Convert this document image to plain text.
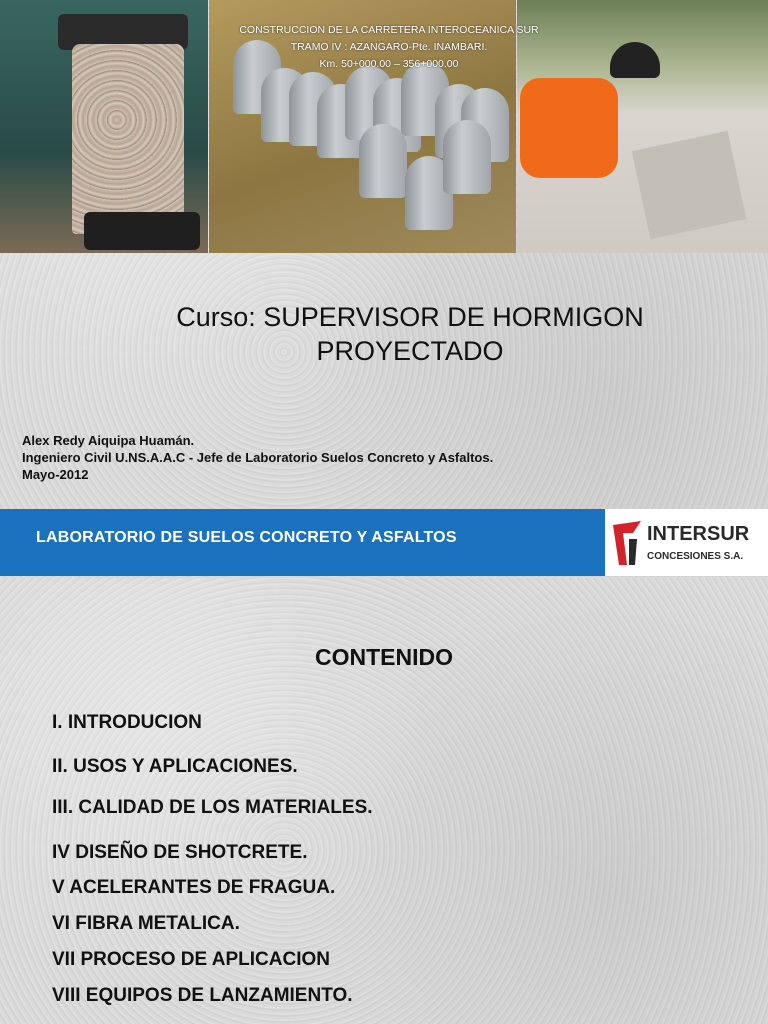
CONSTRUCCION DE LA CARRETERA INTEROCEANICA SUR
TRAMO IV : AZANGARO-Pte. INAMBARI.
Km. 50+000.00 – 356+000.00
Curso: SUPERVISOR DE HORMIGON
PROYECTADO
Alex Redy Aiquipa Huamán.
Ingeniero Civil U.NS.A.A.C - Jefe de Laboratorio Suelos Concreto y Asfaltos.
Mayo-2012
LABORATORIO DE SUELOS CONCRETO Y ASFALTOS	INTERSUR
CONCESIONES S.A.
CONTENIDO
I. INTRODUCION
II. USOS Y APLICACIONES.
III. CALIDAD DE LOS MATERIALES.
IV DISEÑO DE SHOTCRETE.
V ACELERANTES DE FRAGUA.
VI FIBRA METALICA.
VII PROCESO DE APLICACION
VIII EQUIPOS DE LANZAMIENTO.
